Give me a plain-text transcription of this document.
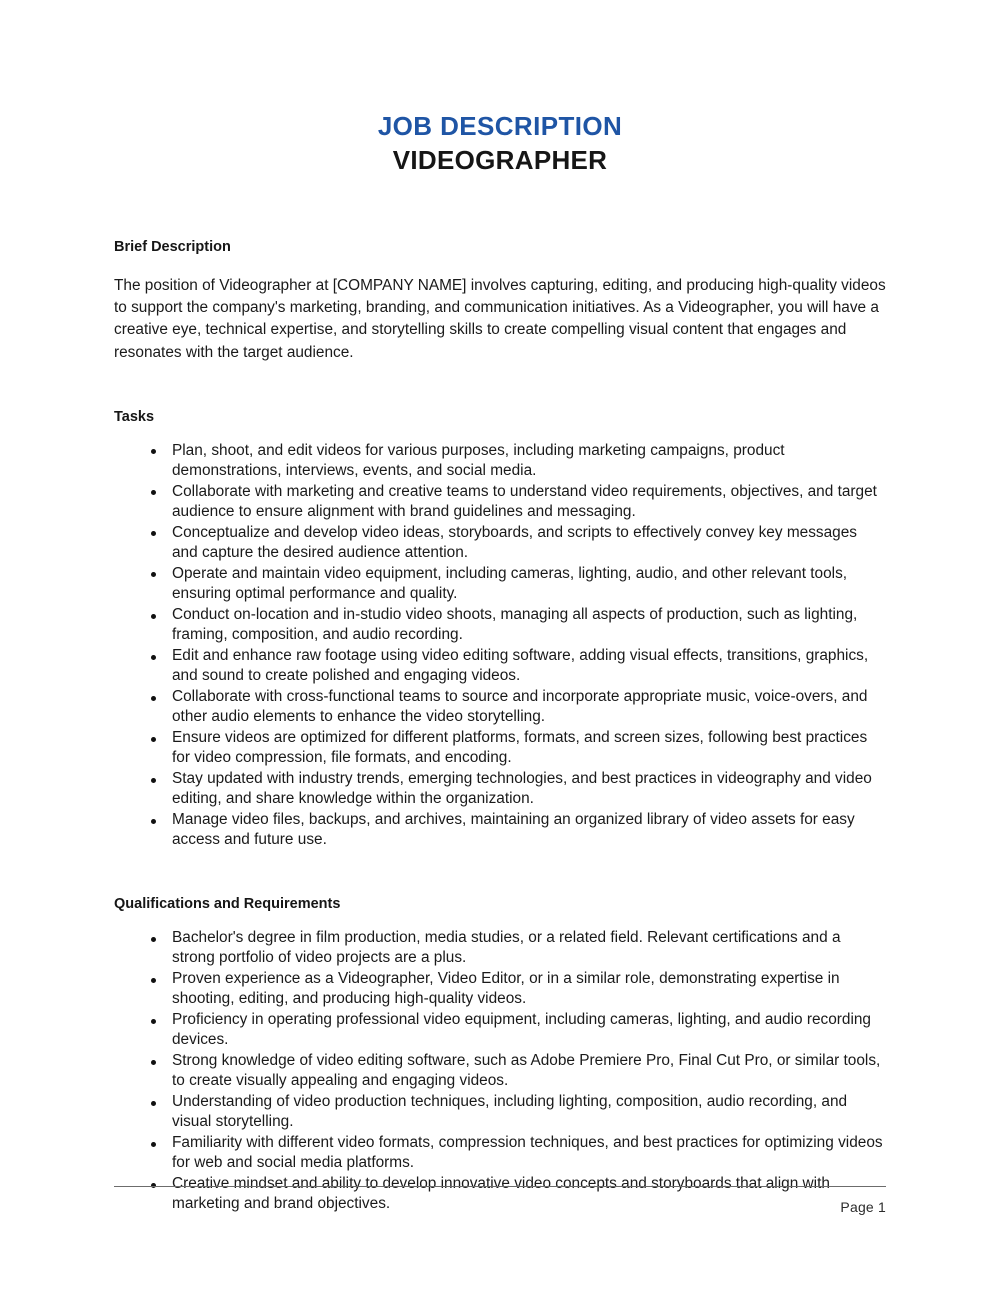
JOB DESCRIPTION
VIDEOGRAPHER
Brief Description

The position of Videographer at [COMPANY NAME] involves capturing, editing, and producing high-quality videos to support the company's marketing, branding, and communication initiatives. As a Videographer, you will have a creative eye, technical expertise, and storytelling skills to create compelling visual content that engages and resonates with the target audience.

Tasks
Plan, shoot, and edit videos for various purposes, including marketing campaigns, product demonstrations, interviews, events, and social media.
Collaborate with marketing and creative teams to understand video requirements, objectives, and target audience to ensure alignment with brand guidelines and messaging.
Conceptualize and develop video ideas, storyboards, and scripts to effectively convey key messages and capture the desired audience attention.
Operate and maintain video equipment, including cameras, lighting, audio, and other relevant tools, ensuring optimal performance and quality.
Conduct on-location and in-studio video shoots, managing all aspects of production, such as lighting, framing, composition, and audio recording.
Edit and enhance raw footage using video editing software, adding visual effects, transitions, graphics, and sound to create polished and engaging videos.
Collaborate with cross-functional teams to source and incorporate appropriate music, voice-overs, and other audio elements to enhance the video storytelling.
Ensure videos are optimized for different platforms, formats, and screen sizes, following best practices for video compression, file formats, and encoding.
Stay updated with industry trends, emerging technologies, and best practices in videography and video editing, and share knowledge within the organization.
Manage video files, backups, and archives, maintaining an organized library of video assets for easy access and future use.
Qualifications and Requirements
Bachelor's degree in film production, media studies, or a related field. Relevant certifications and a strong portfolio of video projects are a plus.
Proven experience as a Videographer, Video Editor, or in a similar role, demonstrating expertise in shooting, editing, and producing high-quality videos.
Proficiency in operating professional video equipment, including cameras, lighting, and audio recording devices.
Strong knowledge of video editing software, such as Adobe Premiere Pro, Final Cut Pro, or similar tools, to create visually appealing and engaging videos.
Understanding of video production techniques, including lighting, composition, audio recording, and visual storytelling.
Familiarity with different video formats, compression techniques, and best practices for optimizing videos for web and social media platforms.
Creative mindset and ability to develop innovative video concepts and storyboards that align with marketing and brand objectives.	Page 1
